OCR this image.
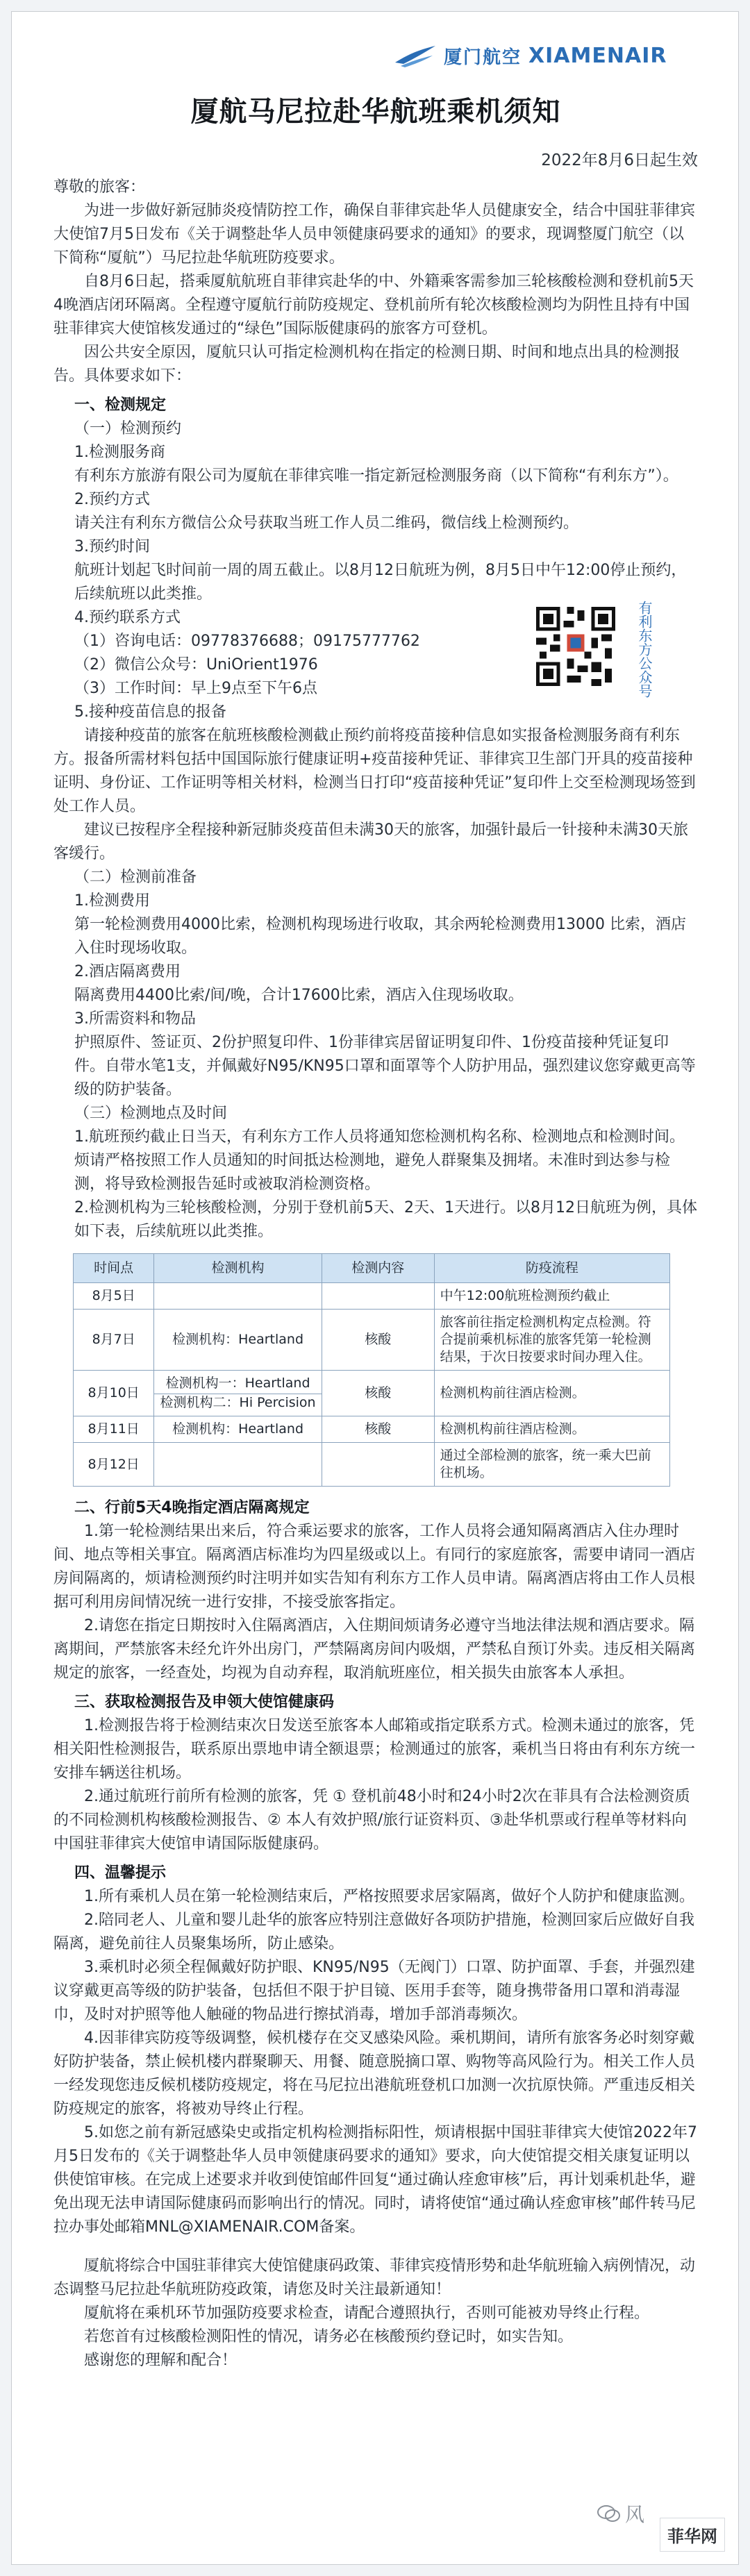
厦门航空 XIAMENAIR
厦航马尼拉赴华航班乘机须知
2022年8月6日起生效

尊敬的旅客：

为进一步做好新冠肺炎疫情防控工作，确保自菲律宾赴华人员健康安全，结合中国驻菲律宾大使馆7月5日发布《关于调整赴华人员申领健康码要求的通知》的要求，现调整厦门航空（以下简称“厦航”）马尼拉赴华航班防疫要求。

自8月6日起，搭乘厦航航班自菲律宾赴华的中、外籍乘客需参加三轮核酸检测和登机前5天4晚酒店闭环隔离。全程遵守厦航行前防疫规定、登机前所有轮次核酸检测均为阴性且持有中国驻菲律宾大使馆核发通过的“绿色”国际版健康码的旅客方可登机。

因公共安全原因，厦航只认可指定检测机构在指定的检测日期、时间和地点出具的检测报告。具体要求如下：

一、检测规定

（一）检测预约

1.检测服务商

有利东方旅游有限公司为厦航在菲律宾唯一指定新冠检测服务商（以下简称“有利东方”）。

2.预约方式

请关注有利东方微信公众号获取当班工作人员二维码，微信线上检测预约。

3.预约时间

航班计划起飞时间前一周的周五截止。以8月12日航班为例，8月5日中午12:00停止预约，后续航班以此类推。

4.预约联系方式

（1）咨询电话：09778376688；09175777762

（2）微信公众号：UniOrient1976

（3）工作时间：早上9点至下午6点	有利东方公众号

5.接种疫苗信息的报备

请接种疫苗的旅客在航班核酸检测截止预约前将疫苗接种信息如实报备检测服务商有利东方。报备所需材料包括中国国际旅行健康证明+疫苗接种凭证、菲律宾卫生部门开具的疫苗接种证明、身份证、工作证明等相关材料，检测当日打印“疫苗接种凭证”复印件上交至检测现场签到处工作人员。

建议已按程序全程接种新冠肺炎疫苗但未满30天的旅客，加强针最后一针接种未满30天旅客缓行。

（二）检测前准备

1.检测费用

第一轮检测费用4000比索，检测机构现场进行收取，其余两轮检测费用13000 比索，酒店入住时现场收取。

2.酒店隔离费用

隔离费用4400比索/间/晚，合计17600比索，酒店入住现场收取。

3.所需资料和物品

护照原件、签证页、2份护照复印件、1份菲律宾居留证明复印件、1份疫苗接种凭证复印件。自带水笔1支，并佩戴好N95/KN95口罩和面罩等个人防护用品，强烈建议您穿戴更高等级的防护装备。

（三）检测地点及时间

1.航班预约截止日当天，有利东方工作人员将通知您检测机构名称、检测地点和检测时间。烦请严格按照工作人员通知的时间抵达检测地，避免人群聚集及拥堵。未准时到达参与检测，将导致检测报告延时或被取消检测资格。

2.检测机构为三轮核酸检测，分别于登机前5天、2天、1天进行。以8月12日航班为例，具体如下表，后续航班以此类推。

时间点	检测机构	检测内容	防疫流程
8月5日			中午12:00航班检测预约截止
8月7日	检测机构：Heartland	核酸	旅客前往指定检测机构定点检测。符合提前乘机标准的旅客凭第一轮检测结果，于次日按要求时间办理入住。
8月10日	检测机构一：Heartland
检测机构二：Hi Percision	核酸	检测机构前往酒店检测。
8月11日	检测机构：Heartland	核酸	检测机构前往酒店检测。
8月12日			通过全部检测的旅客，统一乘大巴前往机场。

二、行前5天4晚指定酒店隔离规定

1.第一轮检测结果出来后，符合乘运要求的旅客，工作人员将会通知隔离酒店入住办理时间、地点等相关事宜。隔离酒店标准均为四星级或以上。有同行的家庭旅客，需要申请同一酒店房间隔离的，烦请检测预约时注明并如实告知有利东方工作人员申请。隔离酒店将由工作人员根据可利用房间情况统一进行安排，不接受旅客指定。

2.请您在指定日期按时入住隔离酒店，入住期间烦请务必遵守当地法律法规和酒店要求。隔离期间，严禁旅客未经允许外出房门，严禁隔离房间内吸烟，严禁私自预订外卖。违反相关隔离规定的旅客，一经查处，均视为自动弃程，取消航班座位，相关损失由旅客本人承担。

三、获取检测报告及申领大使馆健康码

1.检测报告将于检测结束次日发送至旅客本人邮箱或指定联系方式。检测未通过的旅客，凭相关阳性检测报告，联系原出票地申请全额退票；检测通过的旅客，乘机当日将由有利东方统一安排车辆送往机场。

2.通过航班行前所有检测的旅客，凭 ① 登机前48小时和24小时2次在菲具有合法检测资质的不同检测机构核酸检测报告、② 本人有效护照/旅行证资料页、③赴华机票或行程单等材料向中国驻菲律宾大使馆申请国际版健康码。

四、温馨提示

1.所有乘机人员在第一轮检测结束后，严格按照要求居家隔离，做好个人防护和健康监测。

2.陪同老人、儿童和婴儿赴华的旅客应特别注意做好各项防护措施，检测回家后应做好自我隔离，避免前往人员聚集场所，防止感染。

3.乘机时必须全程佩戴好防护眼、KN95/N95（无阀门）口罩、防护面罩、手套，并强烈建议穿戴更高等级的防护装备，包括但不限于护目镜、医用手套等，随身携带备用口罩和消毒湿巾，及时对护照等他人触碰的物品进行擦拭消毒，增加手部消毒频次。

4.因菲律宾防疫等级调整，候机楼存在交叉感染风险。乘机期间，请所有旅客务必时刻穿戴好防护装备，禁止候机楼内群聚聊天、用餐、随意脱摘口罩、购物等高风险行为。相关工作人员一经发现您违反候机楼防疫规定，将在马尼拉出港航班登机口加测一次抗原快筛。严重违反相关防疫规定的旅客，将被劝导终止行程。

5.如您之前有新冠感染史或指定机构检测指标阳性，烦请根据中国驻菲律宾大使馆2022年7月5日发布的《关于调整赴华人员申领健康码要求的通知》要求，向大使馆提交相关康复证明以供使馆审核。在完成上述要求并收到使馆邮件回复“通过确认痊愈审核”后，再计划乘机赴华，避免出现无法申请国际健康码而影响出行的情况。同时，请将使馆“通过确认痊愈审核”邮件转马尼拉办事处邮箱MNL@XIAMENAIR.COM备案。

厦航将综合中国驻菲律宾大使馆健康码政策、菲律宾疫情形势和赴华航班输入病例情况，动态调整马尼拉赴华航班防疫政策，请您及时关注最新通知！

厦航将在乘机环节加强防疫要求检查，请配合遵照执行，否则可能被劝导终止行程。

若您首有过核酸检测阳性的情况，请务必在核酸预约登记时，如实告知。

感谢您的理解和配合！

风
菲华网
